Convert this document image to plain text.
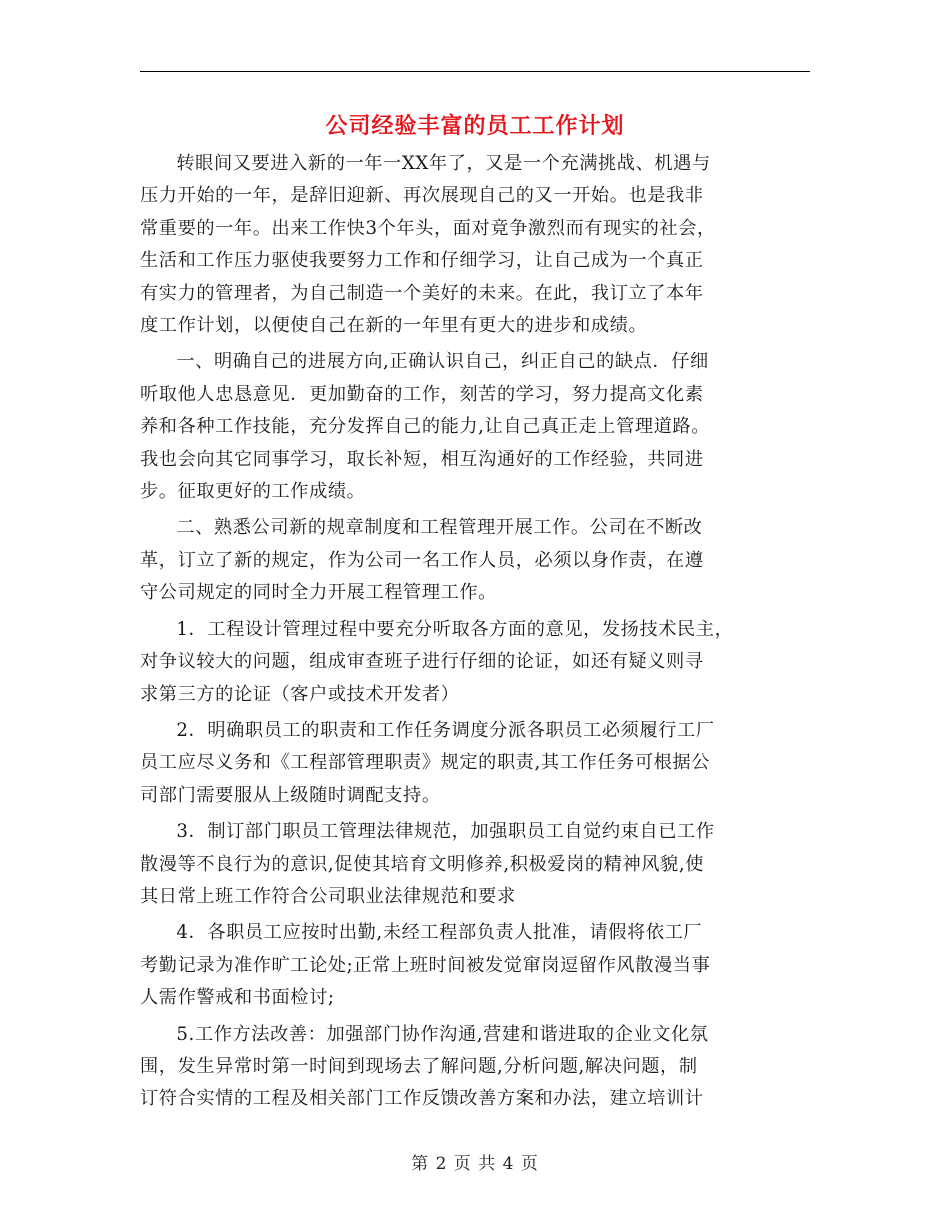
公司经验丰富的员工工作计划
转眼间又要进入新的一年一XX年了，又是一个充满挑战、机遇与
压力开始的一年，是辞旧迎新、再次展现自己的又一开始。也是我非
常重要的一年。出来工作快3个年头，面对竟争激烈而有现实的社会，
生活和工作压力驱使我要努力工作和仔细学习，让自己成为一个真正
有实力的管理者，为自己制造一个美好的未来。在此，我订立了本年
度工作计划，以便使自己在新的一年里有更大的进步和成绩。
一、明确自己的进展方向,正确认识自己，纠正自己的缺点．仔细
听取他人忠恳意见．更加勤奋的工作，刻苦的学习，努力提高文化素
养和各种工作技能，充分发挥自己的能力,让自己真正走上管理道路。
我也会向其它同事学习，取长补短，相互沟通好的工作经验，共同进
步。征取更好的工作成绩。
二、熟悉公司新的规章制度和工程管理开展工作。公司在不断改
革，订立了新的规定，作为公司一名工作人员，必须以身作责，在遵
守公司规定的同时全力开展工程管理工作。
1．工程设计管理过程中要充分听取各方面的意见，发扬技术民主，
对争议较大的问题，组成审查班子进行仔细的论证，如还有疑义则寻
求第三方的论证（客户或技术开发者）
2．明确职员工的职责和工作任务调度分派各职员工必须履行工厂
员工应尽义务和《工程部管理职责》规定的职责,其工作任务可根据公
司部门需要服从上级随时调配支持。
3．制订部门职员工管理法律规范，加强职员工自觉约束自已工作
散漫等不良行为的意识,促使其培育文明修养,积极爱岗的精神风貌,使
其日常上班工作符合公司职业法律规范和要求
4．各职员工应按时出勤,未经工程部负责人批准，请假将依工厂
考勤记录为准作旷工论处;正常上班时间被发觉窜岗逗留作风散漫当事
人需作警戒和书面检讨;
5.工作方法改善：加强部门协作沟通,营建和谐进取的企业文化氛
围，发生异常时第一时间到现场去了解问题,分析问题,解决问题，制
订符合实情的工程及相关部门工作反馈改善方案和办法，建立培训计
第 2 页 共 4 页
